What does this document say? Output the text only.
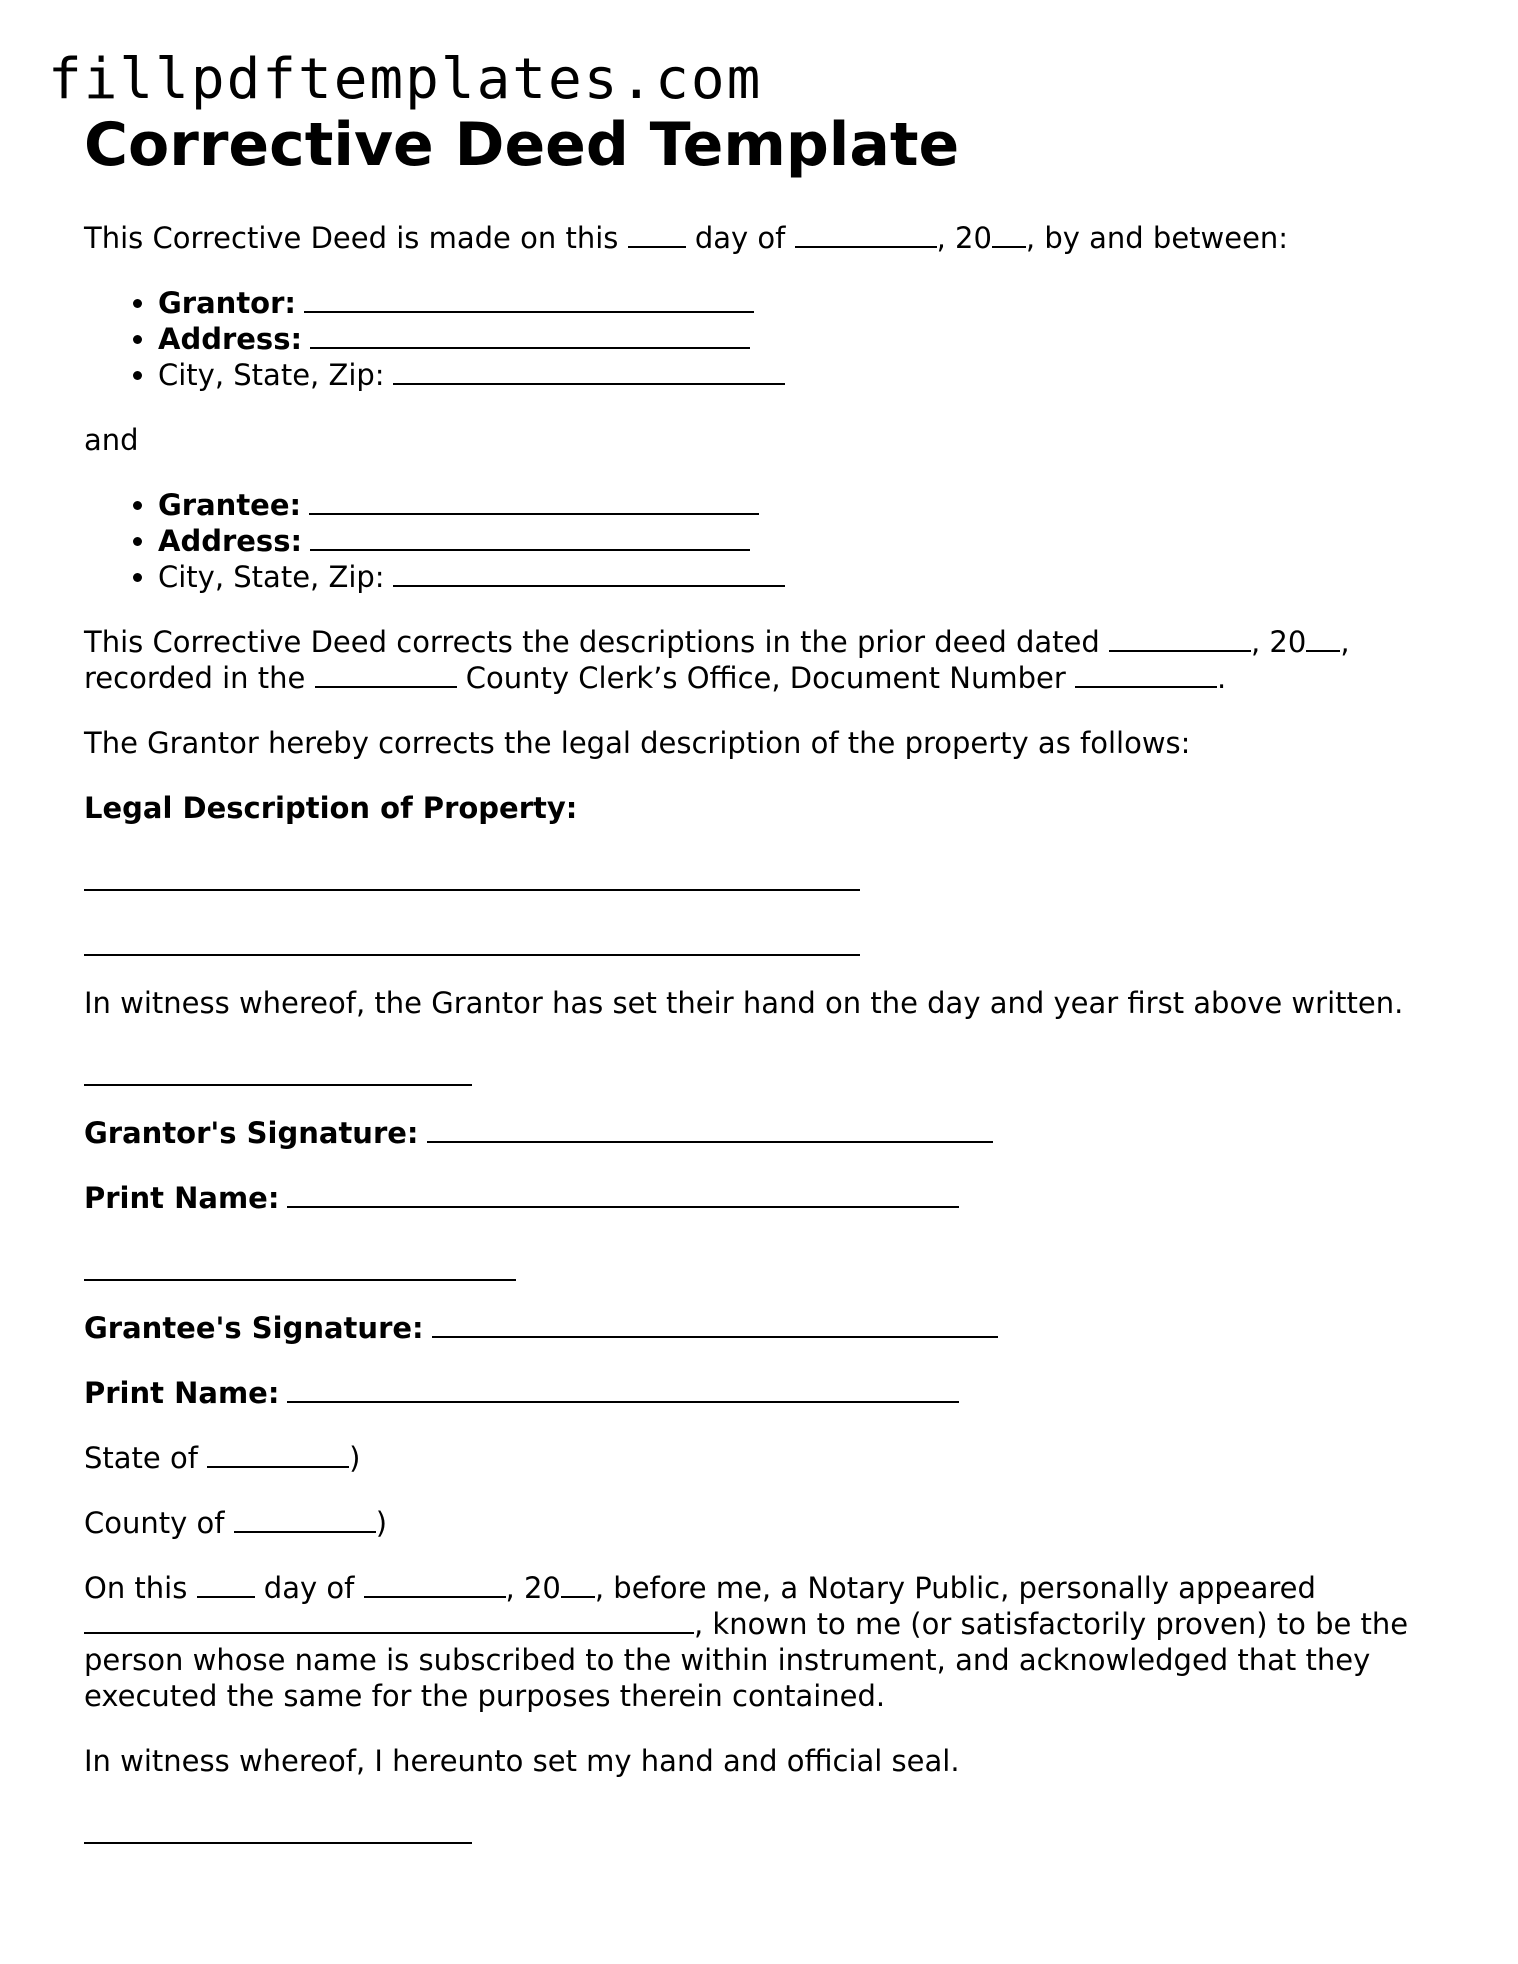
fillpdftemplates.com
Corrective Deed Template

This Corrective Deed is made on this	day of	, 20 , by and between:

• Grantor:
• Address:
• City, State, Zip:

and

• Grantee:
• Address:
• City, State, Zip:

This Corrective Deed corrects the descriptions in the prior deed dated	, 20 ,
recorded in the	County Clerk’s Office, Document Number	.

The Grantor hereby corrects the legal description of the property as follows:

Legal Description of Property:

In witness whereof, the Grantor has set their hand on the day and year first above written.

Grantor's Signature:

Print Name:

Grantee's Signature:

Print Name:

State of	)

County of	)

On this	day of	, 20 , before me, a Notary Public, personally appeared , known to me (or satisfactorily proven) to be the person whose name is subscribed to the within instrument, and acknowledged that they executed the same for the purposes therein contained.

In witness whereof, I hereunto set my hand and official seal.
